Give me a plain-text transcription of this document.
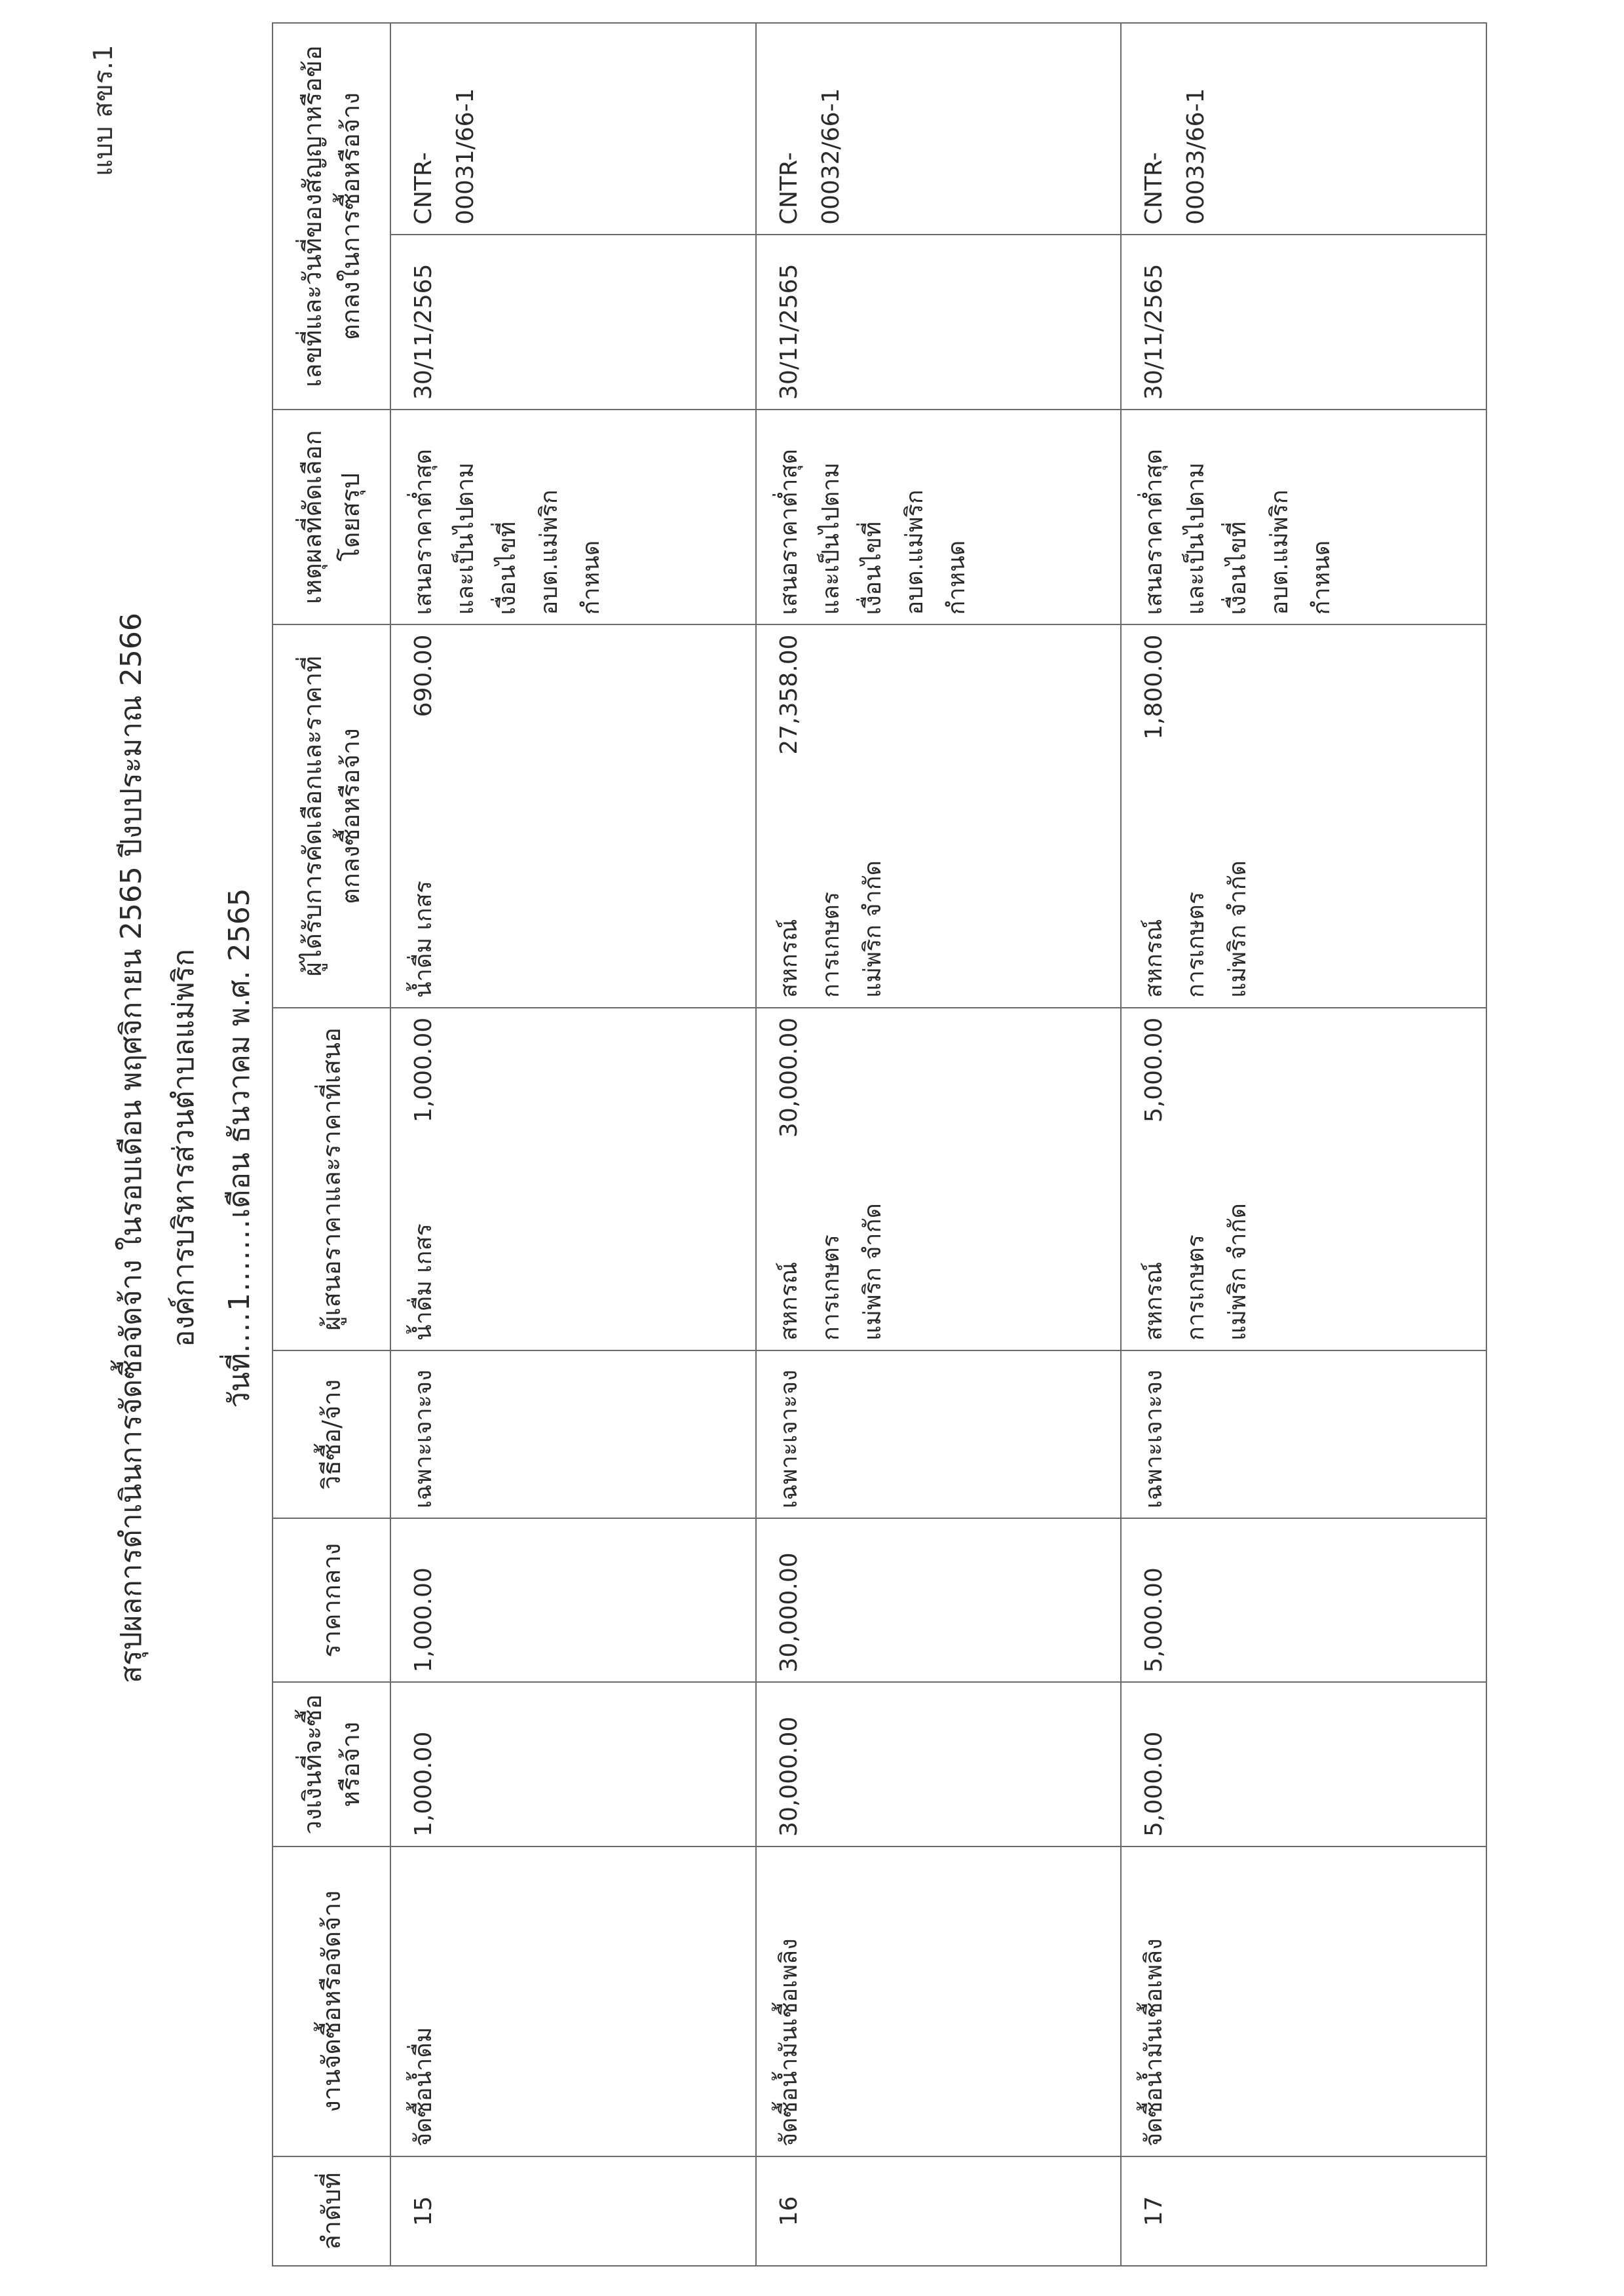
แบบ สขร.1
สรุปผลการดำเนินการจัดซื้อจัดจ้าง ในรอบเดือน พฤศจิกายน 2565 ปีงบประมาณ 2566 องค์การบริหารส่วนตำบลแม่พริก
วันที่....1.......เดือน ธันวาคม พ.ศ. 2565
ลำดับที่	งานจัดซื้อหรือจัดจ้าง	วงเงินที่จะซื้อหรือจ้าง	ราคากลาง	วิธีซื้อ/จ้าง	ผู้เสนอราคาและราคาที่เสนอ		ผู้ได้รับการคัดเลือกและราคาที่ตกลงซื้อหรือจ้าง		เหตุผลที่คัดเลือกโดยสรุป	เลขที่และวันที่ของสัญญาหรือข้อตกลงในการซื้อหรือจ้าง	
15	จัดซื้อน้ำดื่ม	1,000.00	1,000.00	เฉพาะเจาะจง	น้ำดื่ม เกสร	1,000.00	น้ำดื่ม เกสร	690.00	เสนอราคาต่ำสุดและเป็นไปตามเงื่อนไขที่ อบต.แม่พริกกำหนด	30/11/2565	CNTR-00031/66-1
16	จัดซื้อน้ำมันเชื้อเพลิง	30,000.00	30,000.00	เฉพาะเจาะจง	สหกรณ์การเกษตรแม่พริก จำกัด	30,000.00	สหกรณ์การเกษตรแม่พริก จำกัด	27,358.00	เสนอราคาต่ำสุดและเป็นไปตามเงื่อนไขที่ อบต.แม่พริกกำหนด	30/11/2565	CNTR-00032/66-1
17	จัดซื้อน้ำมันเชื้อเพลิง	5,000.00	5,000.00	เฉพาะเจาะจง	สหกรณ์การเกษตรแม่พริก จำกัด	5,000.00	สหกรณ์การเกษตรแม่พริก จำกัด	1,800.00	เสนอราคาต่ำสุดและเป็นไปตามเงื่อนไขที่ อบต.แม่พริกกำหนด	30/11/2565	CNTR-00033/66-1
